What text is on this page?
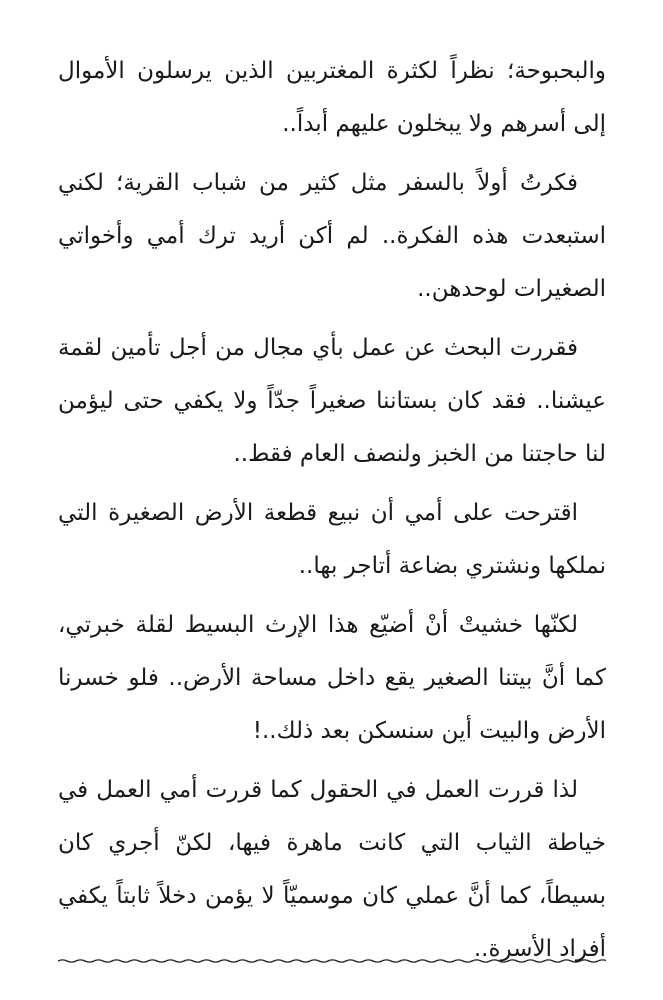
والبحبوحة؛ نظراً لكثرة المغتربين الذين يرسلون الأموال إلى أسرهم ولا يبخلون عليهم أبداً..

فكرتُ أولاً بالسفر مثل كثير من شباب القرية؛ لكني استبعدت هذه الفكرة.. لم أكن أريد ترك أمي وأخواتي الصغيرات لوحدهن..

فقررت البحث عن عمل بأي مجال من أجل تأمين لقمة عيشنا.. فقد كان بستاننا صغيراً جدّاً ولا يكفي حتى ليؤمن لنا حاجتنا من الخبز ولنصف العام فقط..

اقترحت على أمي أن نبيع قطعة الأرض الصغيرة التي نملكها ونشتري بضاعة أتاجر بها..

لكنّها خشيتْ أنْ أضيّع هذا الإرث البسيط لقلة خبرتي، كما أنَّ بيتنا الصغير يقع داخل مساحة الأرض.. فلو خسرنا الأرض والبيت أين سنسكن بعد ذلك..!

لذا قررت العمل في الحقول كما قررت أمي العمل في خياطة الثياب التي كانت ماهرة فيها، لكنّ أجري كان بسيطاً، كما أنَّ عملي كان موسميّاً لا يؤمن دخلاً ثابتاً يكفي أفراد الأسرة..
